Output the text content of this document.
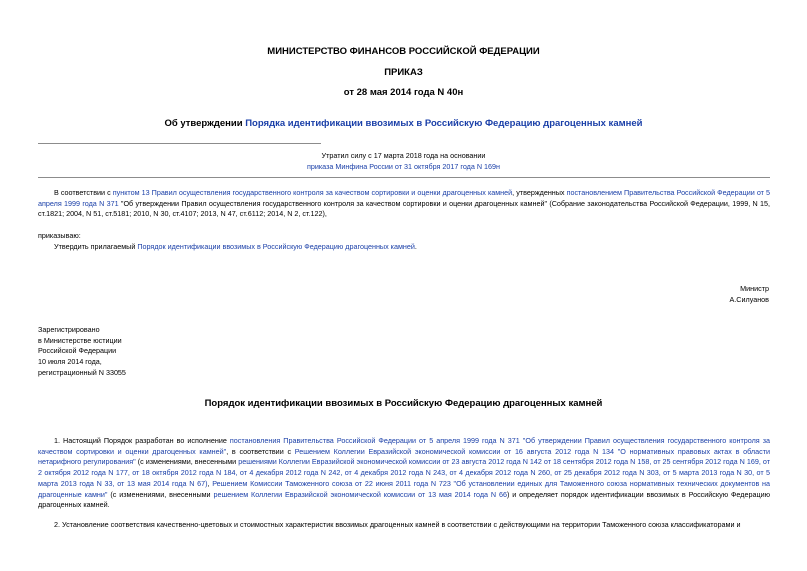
МИНИСТЕРСТВО ФИНАНСОВ РОССИЙСКОЙ ФЕДЕРАЦИИ
ПРИКАЗ
от 28 мая 2014 года N 40н
Об утверждении Порядка идентификации ввозимых в Российскую Федерацию драгоценных камней
Утратил силу с 17 марта 2018 года на основании
приказа Минфина России от 31 октября 2017 года N 169н
В соответствии с пунктом 13 Правил осуществления государственного контроля за качеством сортировки и оценки драгоценных камней, утвержденных постановлением Правительства Российской Федерации от 5 апреля 1999 года N 371 "Об утверждении Правил осуществления государственного контроля за качеством сортировки и оценки драгоценных камней" (Собрание законодательства Российской Федерации, 1999, N 15, ст.1821; 2004, N 51, ст.5181; 2010, N 30, ст.4107; 2013, N 47, ст.6112; 2014, N 2, ст.122),
приказываю:
Утвердить прилагаемый Порядок идентификации ввозимых в Российскую Федерацию драгоценных камней.
Министр
А.Силуанов
Зарегистрировано
в Министерстве юстиции
Российской Федерации
10 июля 2014 года,
регистрационный N 33055
Порядок идентификации ввозимых в Российскую Федерацию драгоценных камней
1. Настоящий Порядок разработан во исполнение постановления Правительства Российской Федерации от 5 апреля 1999 года N 371 "Об утверждении Правил осуществления государственного контроля за качеством сортировки и оценки драгоценных камней", в соответствии с Решением Коллегии Евразийской экономической комиссии от 16 августа 2012 года N 134 "О нормативных правовых актах в области нетарифного регулирования" (с изменениями, внесенными решениями Коллегии Евразийской экономической комиссии от 23 августа 2012 года N 142 от 18 сентября 2012 года N 158, от 25 сентября 2012 года N 169, от 2 октября 2012 года N 177, от 18 октября 2012 года N 184, от 4 декабря 2012 года N 242, от 4 декабря 2012 года N 243, от 4 декабря 2012 года N 260, от 25 декабря 2012 года N 303, от 5 марта 2013 года N 30, от 5 марта 2013 года N 33, от 13 мая 2014 года N 67), Решением Комиссии Таможенного союза от 22 июня 2011 года N 723 "Об установлении единых для Таможенного союза нормативных технических документов на драгоценные камни" (с изменениями, внесенными решением Коллегии Евразийской экономической комиссии от 13 мая 2014 года N 66) и определяет порядок идентификации ввозимых в Российскую Федерацию драгоценных камней.
2. Установление соответствия качественно-цветовых и стоимостных характеристик ввозимых драгоценных камней в соответствии с действующими на территории Таможенного союза классификаторами и
